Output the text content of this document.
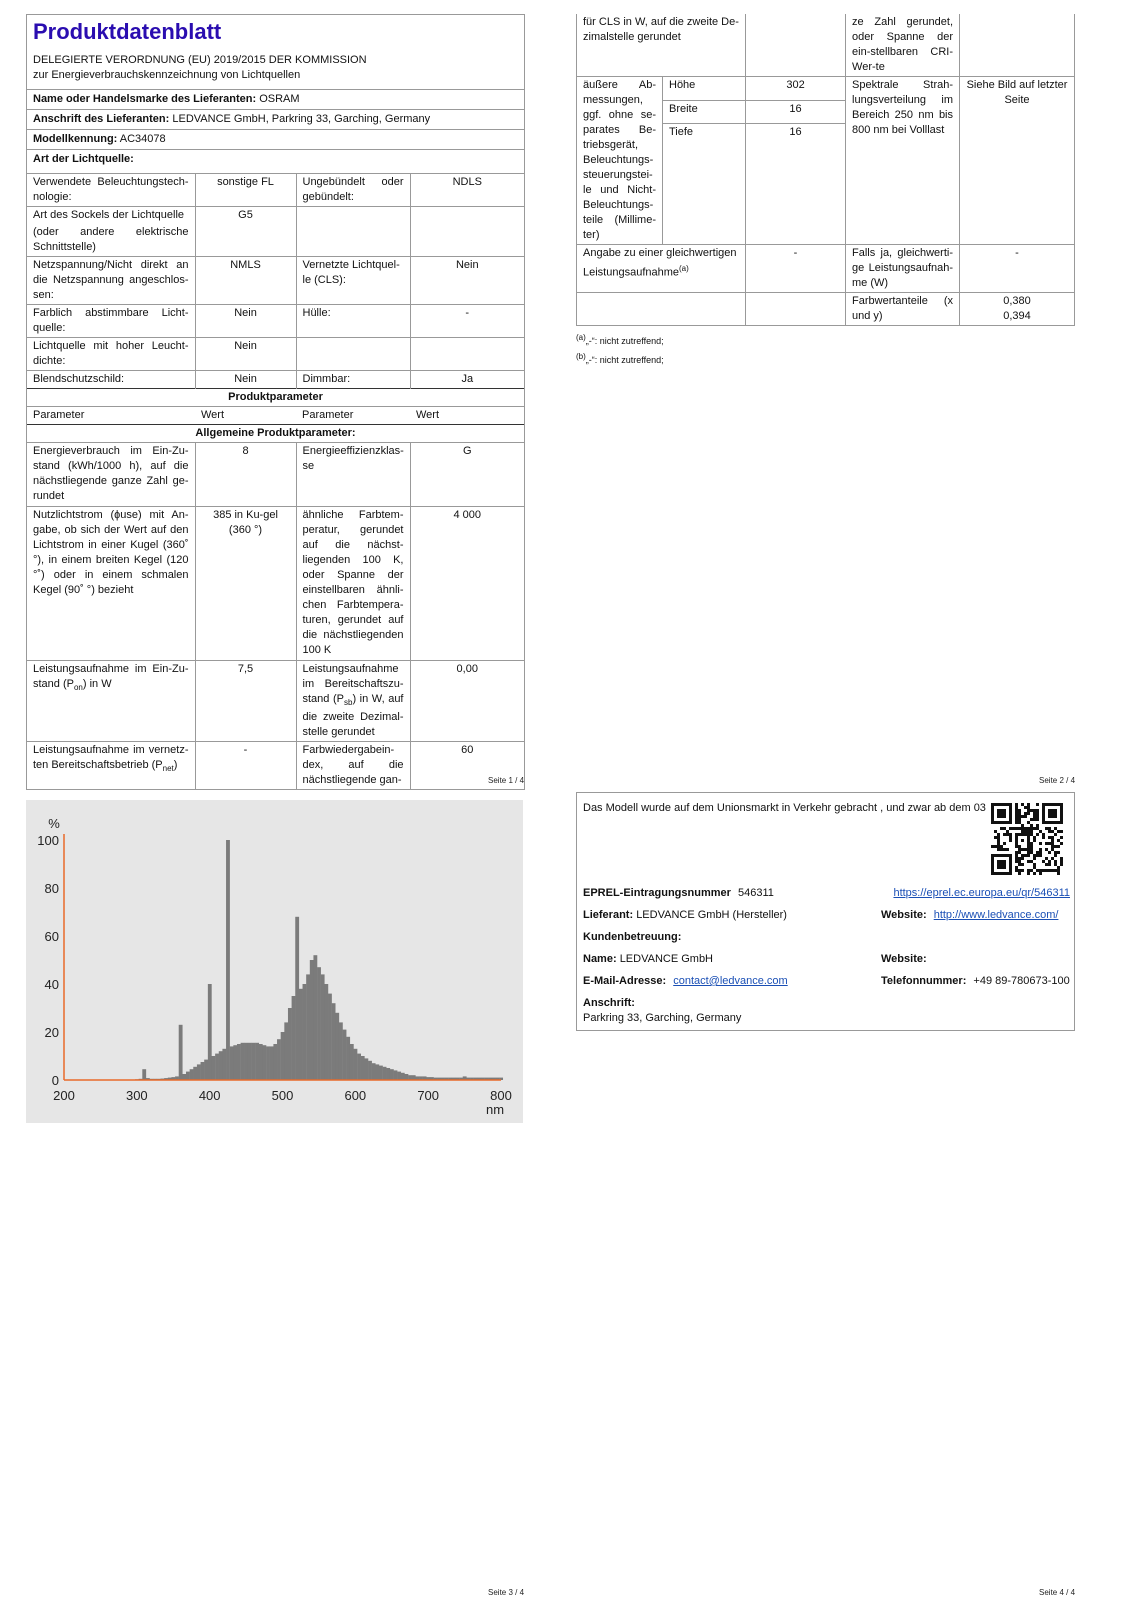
Produktdatenblatt
DELEGIERTE VERORDNUNG (EU) 2019/2015 DER KOMMISSION zur Energieverbrauchskennzeichnung von Lichtquellen
Name oder Handelsmarke des Lieferanten: OSRAM
Anschrift des Lieferanten: LEDVANCE GmbH, Parkring 33, Garching, Germany
Modellkennung: AC34078
Art der Lichtquelle:
Verwendete Beleuchtungstech-nologie:	sonstige FL	Ungebündelt oder gebündelt:	NDLS
Art des Sockels der Lichtquelle	G5		
(oder andere elektrische Schnittstelle)			
Netzspannung/Nicht direkt an die Netzspannung angeschlos-sen:	NMLS	Vernetzte Lichtquel-le (CLS):	Nein
Farblich abstimmbare Licht-quelle:	Nein	Hülle:	-
Lichtquelle mit hoher Leucht-dichte:	Nein		
Blendschutzschild:	Nein	Dimmbar:	Ja
Produktparameter			
Parameter	Wert	Parameter	Wert
Allgemeine Produktparameter:			
Energieverbrauch im Ein-Zu-stand (kWh/1000 h), auf die nächstliegende ganze Zahl ge-rundet	8	Energieeffizienzklas-se	G
Nutzlichtstrom (ɸuse) mit An-gabe, ob sich der Wert auf den Lichtstrom in einer Kugel (360˚ °), in einem breiten Kegel (120 °˚) oder in einem schmalen Kegel (90˚ °) bezieht	385 in Ku-gel (360 °)	ähnliche Farbtem-peratur, gerundet auf die nächst-liegenden 100 K, oder Spanne der einstellbaren ähnli-chen Farbtempera-turen, gerundet auf die nächstliegenden 100 K	4 000
Leistungsaufnahme im Ein-Zu-stand $(P_{on})$ in W	7,5	Leistungsaufnahme im Bereitschaftszu-stand $(P_{sb})$ in W, auf die zweite Dezimal-stelle gerundet	0,00
Leistungsaufnahme im vernetz-ten Bereitschaftsbetrieb $(P_{net})$	-	Farbwiedergabein-dex, auf die nächstliegende gan-	60
Seite 1 / 4
für CLS in W, auf die zweite De-zimalstelle gerundet			ze Zahl gerundet, oder Spanne der ein-stellbaren CRI-Wer-te	
äußere Ab-messungen, ggf. ohne se-parates Be-triebsgerät, Beleuchtungs-steuerungstei-le und Nicht-Beleuchtungs-teile (Millime-ter)	Höhe	302	Spektrale Strah-lungsverteilung im Bereich 250 nm bis 800 nm bei Volllast	Siehe Bild auf letzter Seite
	Breite	16		
	Tiefe	16		
Angabe zu einer gleichwertigen Leistungsaufnahme$^{(a)}$		-	Falls ja, gleichwerti-ge Leistungsaufnah-me (W)	-
			Farbwertanteile (x und y)	0,380
0,394
$^{(a)}$„-“: nicht zutreffend;
$^{(b)}$„-“: nicht zutreffend;
Seite 2 / 4
0
20
40
60
80
100
200	300	400	500	600	700	800
%
nm
Seite 3 / 4
Das Modell wurde auf dem Unionsmarkt in Verkehr gebracht , und zwar ab dem 03
EPREL-Eintragungsnummer 546311	https://eprel.ec.europa.eu/qr/546311
Lieferant: LEDVANCE GmbH (Hersteller)	Website: http://www.ledvance.com/
Kundenbetreuung:
Name: LEDVANCE GmbH	Website:
E-Mail-Adresse: contact@ledvance.com	Telefonnummer: +49 89-780673-100
Anschrift:
Parkring 33, Garching, Germany
Seite 4 / 4
